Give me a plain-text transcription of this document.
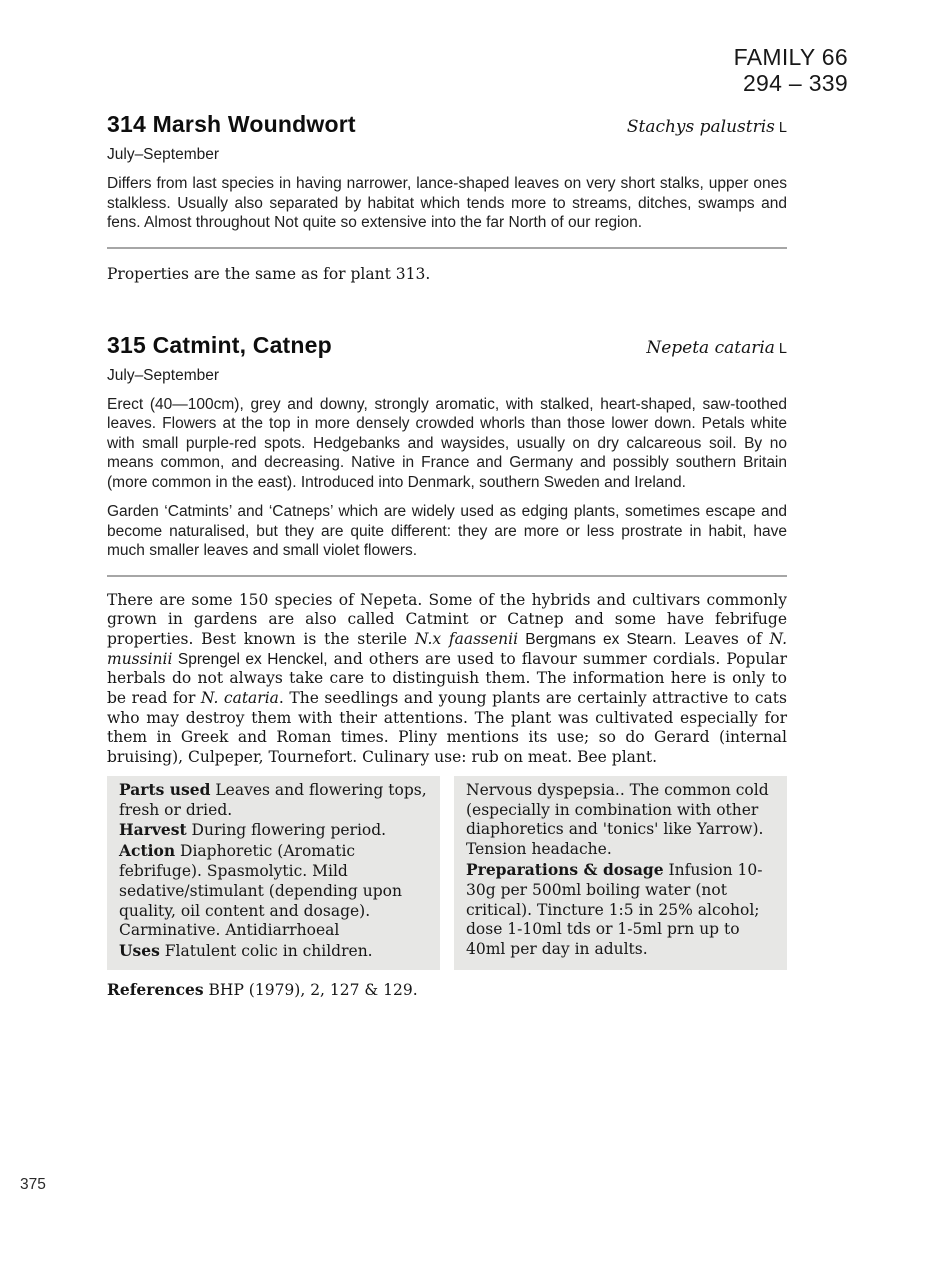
FAMILY 66
294 – 339
314 Marsh Woundwort	Stachys palustris L
July–September
Differs from last species in having narrower, lance-shaped leaves on very short stalks, upper ones stalkless. Usually also separated by habitat which tends more to streams, ditches, swamps and fens. Almost throughout Not quite so extensive into the far North of our region.
Properties are the same as for plant 313.
315 Catmint, Catnep	Nepeta cataria L
July–September
Erect (40—100cm), grey and downy, strongly aromatic, with stalked, heart-shaped, saw-toothed leaves. Flowers at the top in more densely crowded whorls than those lower down. Petals white with small purple-red spots. Hedgebanks and waysides, usually on dry calcareous soil. By no means common, and decreasing. Native in France and Germany and possibly southern Britain (more common in the east). Introduced into Denmark, southern Sweden and Ireland.
Garden ‘Catmints’ and ‘Catneps’ which are widely used as edging plants, sometimes escape and become naturalised, but they are quite different: they are more or less prostrate in habit, have much smaller leaves and small violet flowers.
There are some 150 species of Nepeta. Some of the hybrids and cultivars commonly grown in gardens are also called Catmint or Catnep and some have febrifuge properties. Best known is the sterile N.x faassenii Bergmans ex Stearn. Leaves of N. mussinii Sprengel ex Henckel, and others are used to flavour summer cordials. Popular herbals do not always take care to distinguish them. The information here is only to be read for N. cataria. The seedlings and young plants are certainly attractive to cats who may destroy them with their attentions. The plant was cultivated especially for them in Greek and Roman times. Pliny mentions its use; so do Gerard (internal bruising), Culpeper, Tournefort. Culinary use: rub on meat. Bee plant.
Parts used Leaves and flowering tops, fresh or dried.
Harvest During flowering period.
Action Diaphoretic (Aromatic febrifuge). Spasmolytic. Mild sedative/stimulant (depending upon quality, oil content and dosage). Carminative. Antidiarrhoeal
Uses Flatulent colic in children.
Nervous dyspepsia.. The common cold (especially in combination with other diaphoretics and 'tonics' like Yarrow). Tension headache.
Preparations & dosage Infusion 10-30g per 500ml boiling water (not critical). Tincture 1:5 in 25% alcohol; dose 1-10ml tds or 1-5ml prn up to 40ml per day in adults.
References BHP (1979), 2, 127 & 129.
375
